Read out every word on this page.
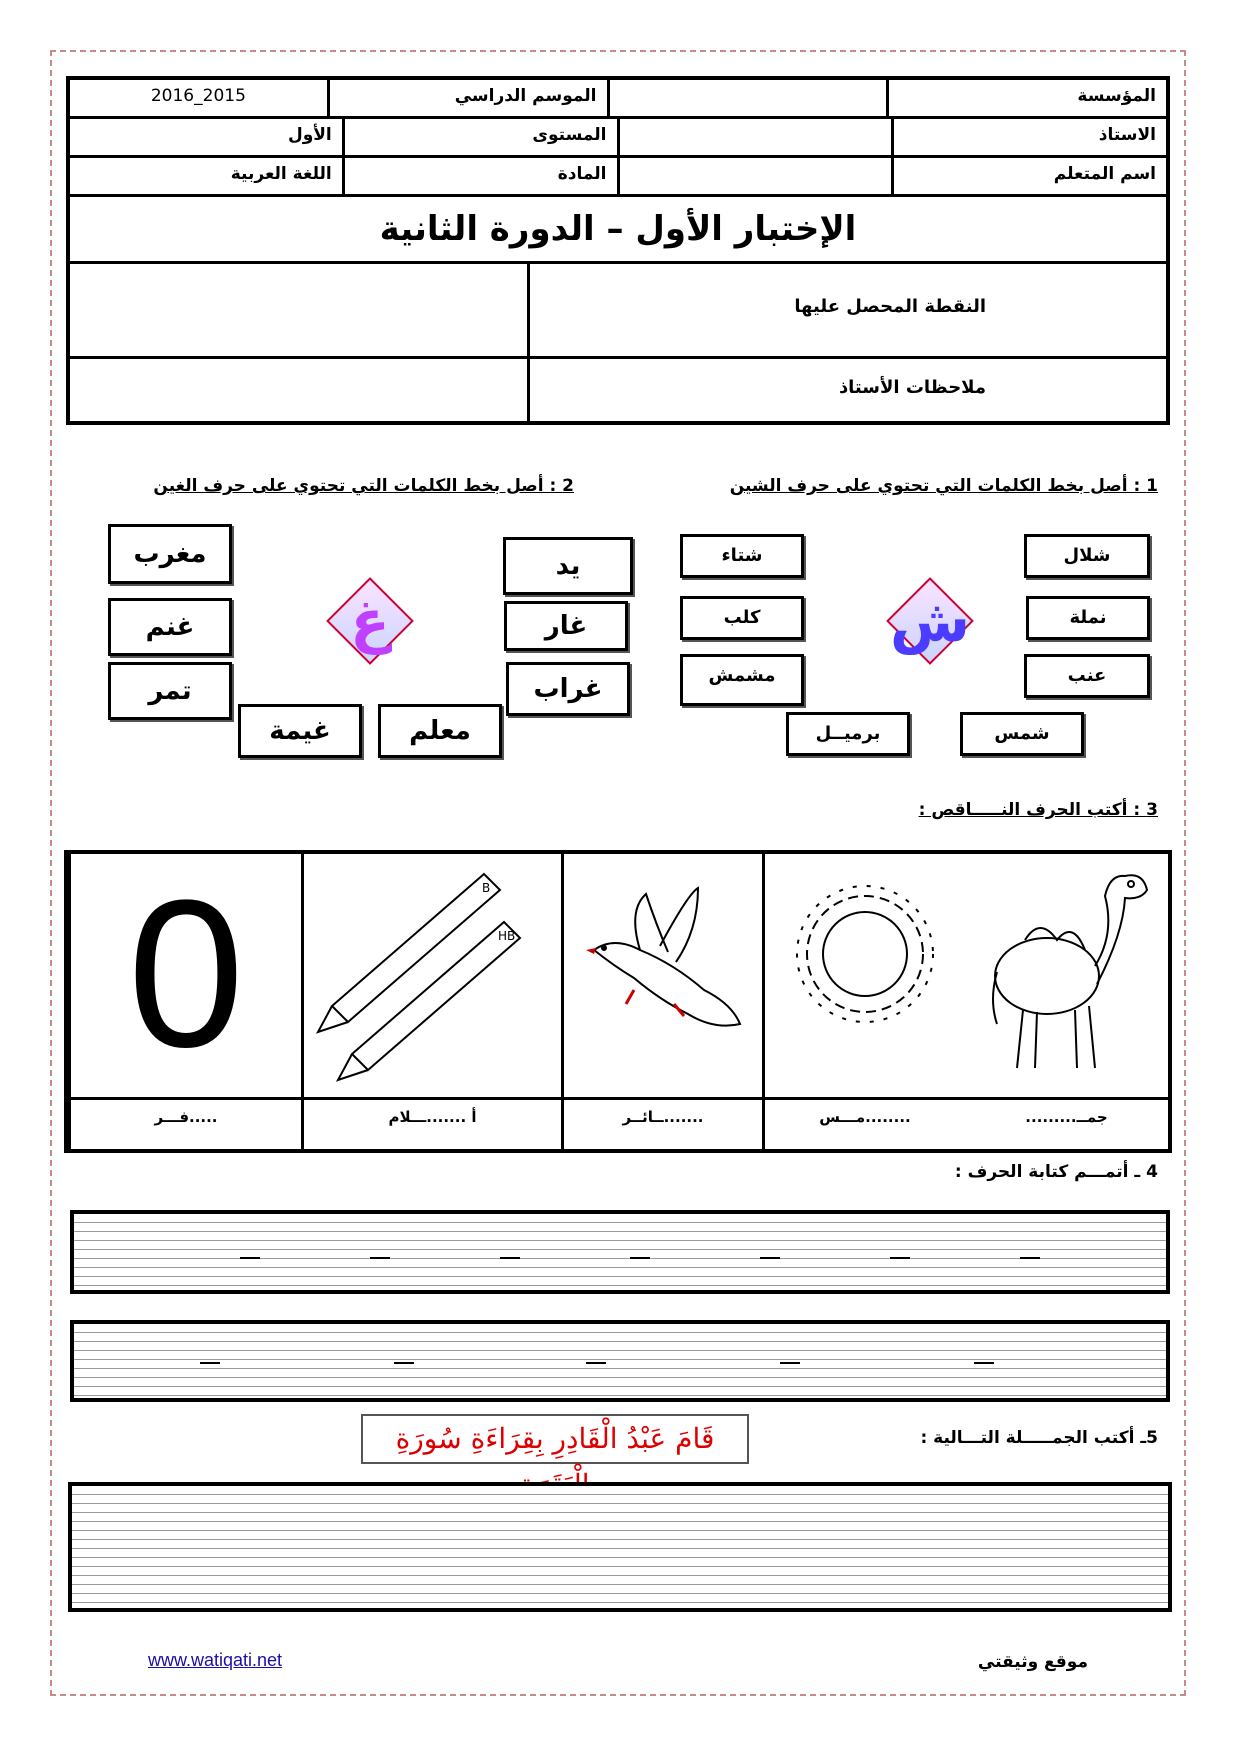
المؤسسة
الموسم الدراسي
2016_2015
الاستاذ
المستوى
الأول
اسم المتعلم
المادة
اللغة العربية
الإختبار الأول – الدورة الثانية
النقطة المحصل عليها
ملاحظات الأستاذ
1 : أصل بخط الكلمات التي تحتوي على حرف الشين
2 : أصل بخط الكلمات التي تحتوي على حرف الغين
شلال
نملة
عنب
شمس
برميــل
مشمش
كلب
شتاء
ش
يد
غار
غراب
معلم
غيمة
مغرب
غنم
تمر
غ
3 : أكتب الحرف النـــــاقص :
B
HB
0
جمــ.........
........مـــس
.......ــائــر
أ .......ـــلام
.....فـــر
4 ـ أتمـــم كتابة الحرف :
5ـ أكتب الجمـــــلة التـــالية :
قَامَ عَبْدُ الْقَادِرِ بِقِرَاءَةِ سُورَةِ
www.watiqati.net	موقع وثيقتي
